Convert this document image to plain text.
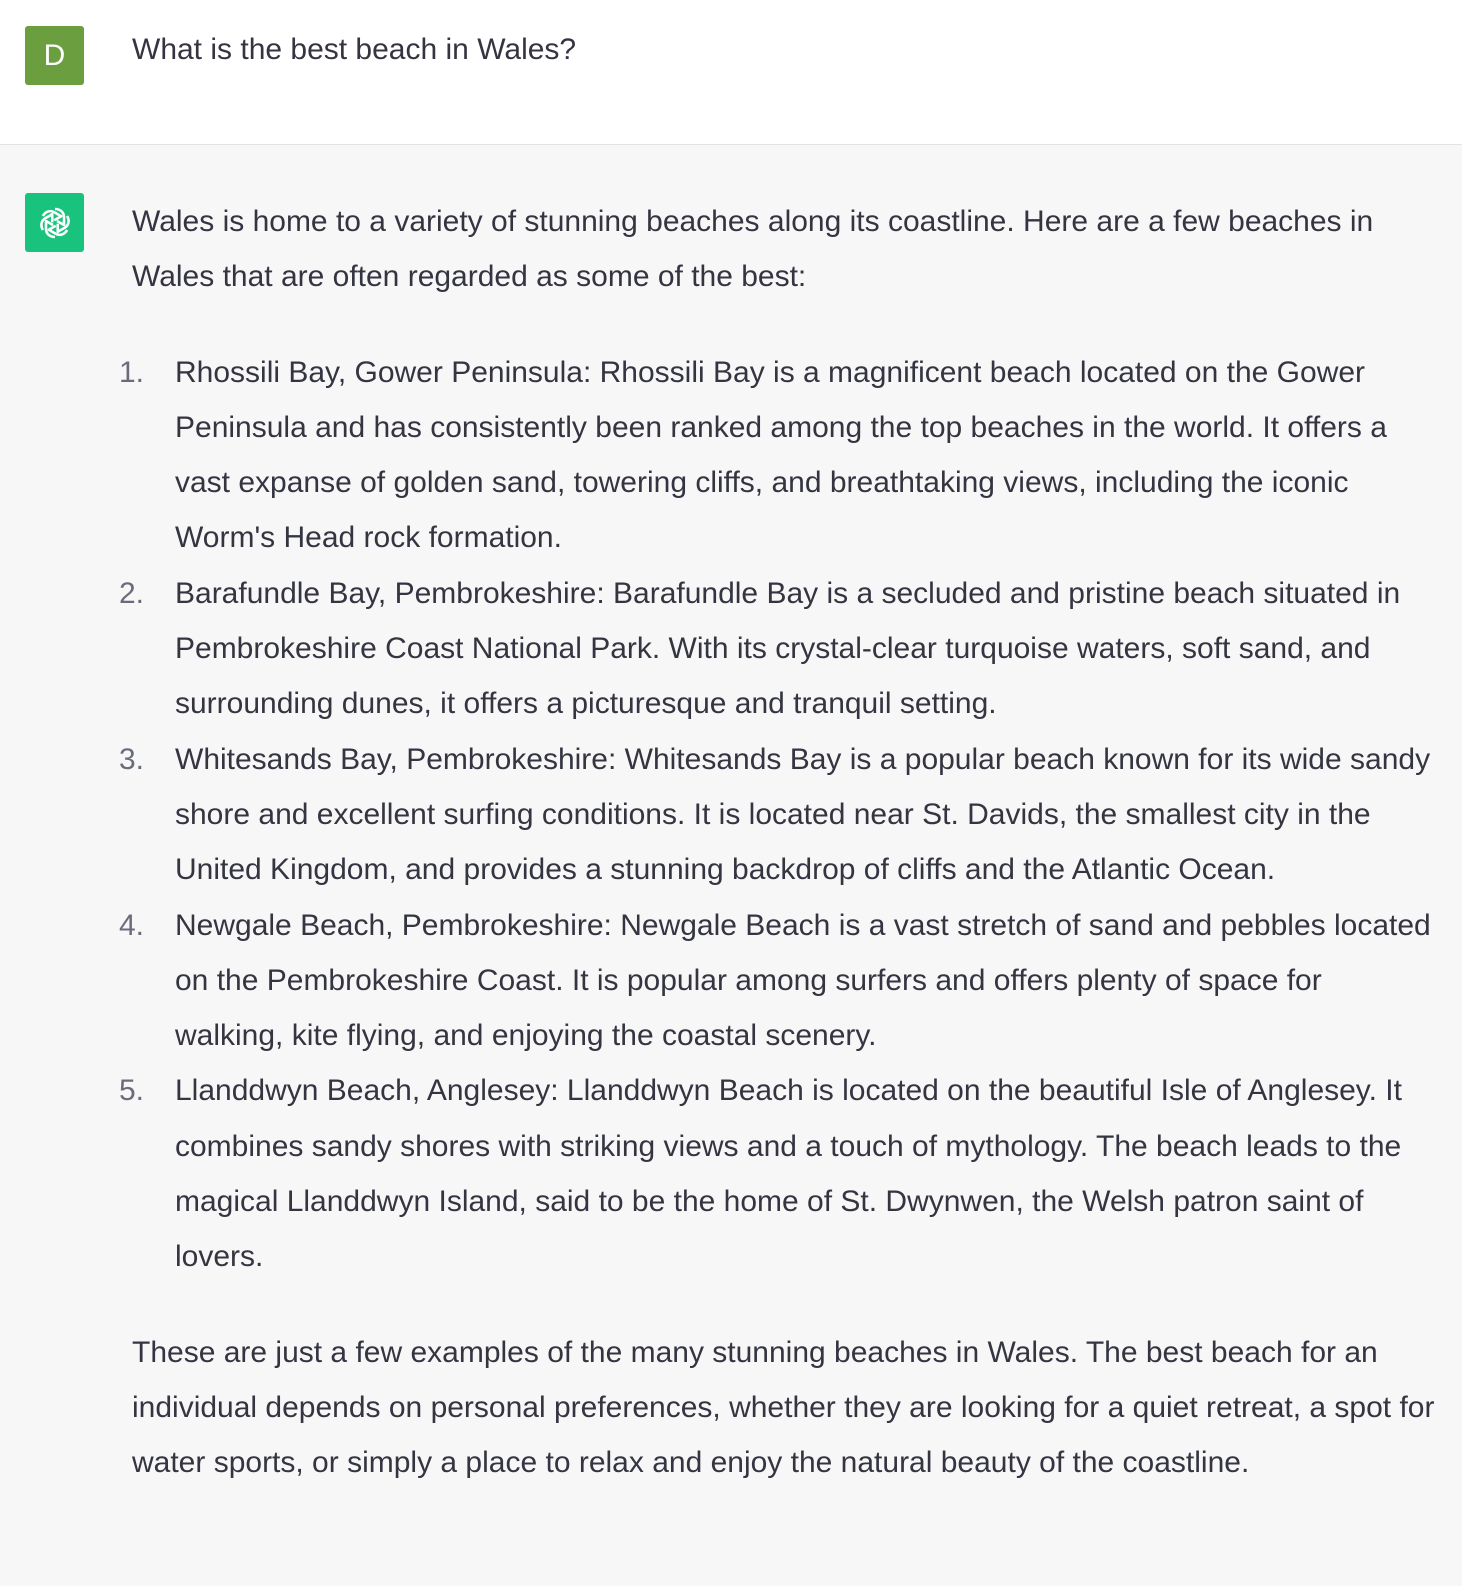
D What is the best beach in Wales?

Wales is home to a variety of stunning beaches along its coastline. Here are a few beaches in Wales that are often regarded as some of the best:

1. Rhossili Bay, Gower Peninsula: Rhossili Bay is a magnificent beach located on the Gower Peninsula and has consistently been ranked among the top beaches in the world. It offers a vast expanse of golden sand, towering cliffs, and breathtaking views, including the iconic Worm's Head rock formation.
2. Barafundle Bay, Pembrokeshire: Barafundle Bay is a secluded and pristine beach situated in Pembrokeshire Coast National Park. With its crystal-clear turquoise waters, soft sand, and surrounding dunes, it offers a picturesque and tranquil setting.
3. Whitesands Bay, Pembrokeshire: Whitesands Bay is a popular beach known for its wide sandy shore and excellent surfing conditions. It is located near St. Davids, the smallest city in the United Kingdom, and provides a stunning backdrop of cliffs and the Atlantic Ocean.
4. Newgale Beach, Pembrokeshire: Newgale Beach is a vast stretch of sand and pebbles located on the Pembrokeshire Coast. It is popular among surfers and offers plenty of space for walking, kite flying, and enjoying the coastal scenery.
5. Llanddwyn Beach, Anglesey: Llanddwyn Beach is located on the beautiful Isle of Anglesey. It combines sandy shores with striking views and a touch of mythology. The beach leads to the magical Llanddwyn Island, said to be the home of St. Dwynwen, the Welsh patron saint of lovers.

These are just a few examples of the many stunning beaches in Wales. The best beach for an individual depends on personal preferences, whether they are looking for a quiet retreat, a spot for water sports, or simply a place to relax and enjoy the natural beauty of the coastline.
